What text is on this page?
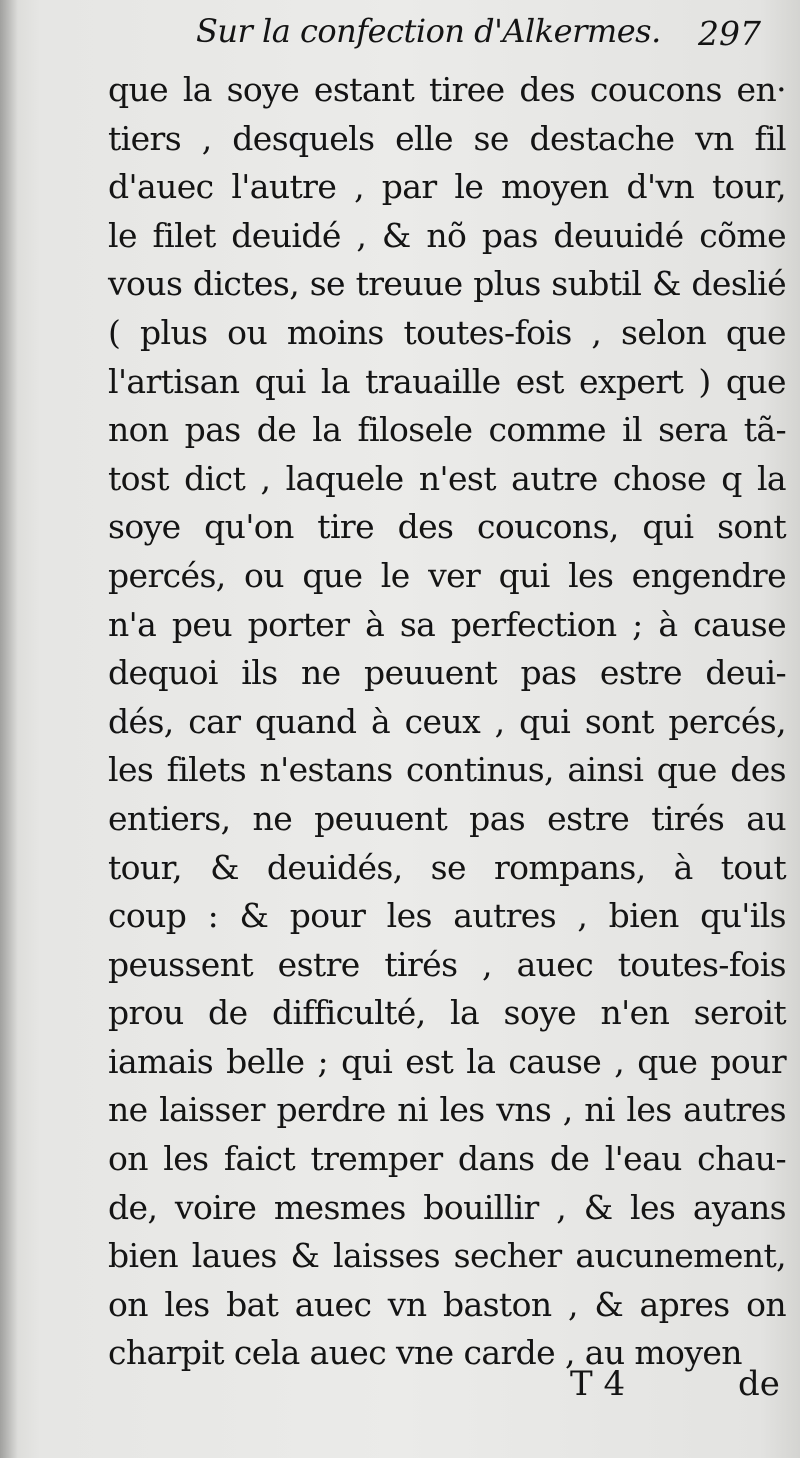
Sur la confection d'Alkermes. 297
que la soye estant tiree des coucons en·
tiers , desquels elle se destache vn fil
d'auec l'autre , par le moyen d'vn tour,
le filet deuidé , & nõ pas deuuidé cõme
vous dictes, se treuue plus subtil & deslié
( plus ou moins toutes-fois , selon que
l'artisan qui la trauaille est expert ) que
non pas de la filosele comme il sera tã-
tost dict , laquele n'est autre chose q la
soye qu'on tire des coucons, qui sont
percés, ou que le ver qui les engendre
n'a peu porter à sa perfection ; à cause
dequoi ils ne peuuent pas estre deui-
dés, car quand à ceux , qui sont percés,
les filets n'estans continus, ainsi que des
entiers, ne peuuent pas estre tirés au
tour, & deuidés, se rompans, à tout
coup : & pour les autres , bien qu'ils
peussent estre tirés , auec toutes-fois
prou de difficulté, la soye n'en seroit
iamais belle ; qui est la cause , que pour
ne laisser perdre ni les vns , ni les autres
on les faict tremper dans de l'eau chau-
de, voire mesmes bouillir , & les ayans
bien laues & laisses secher aucunement,
on les bat auec vn baston , & apres on
charpit cela auec vne carde , au moyen
T 4	de
